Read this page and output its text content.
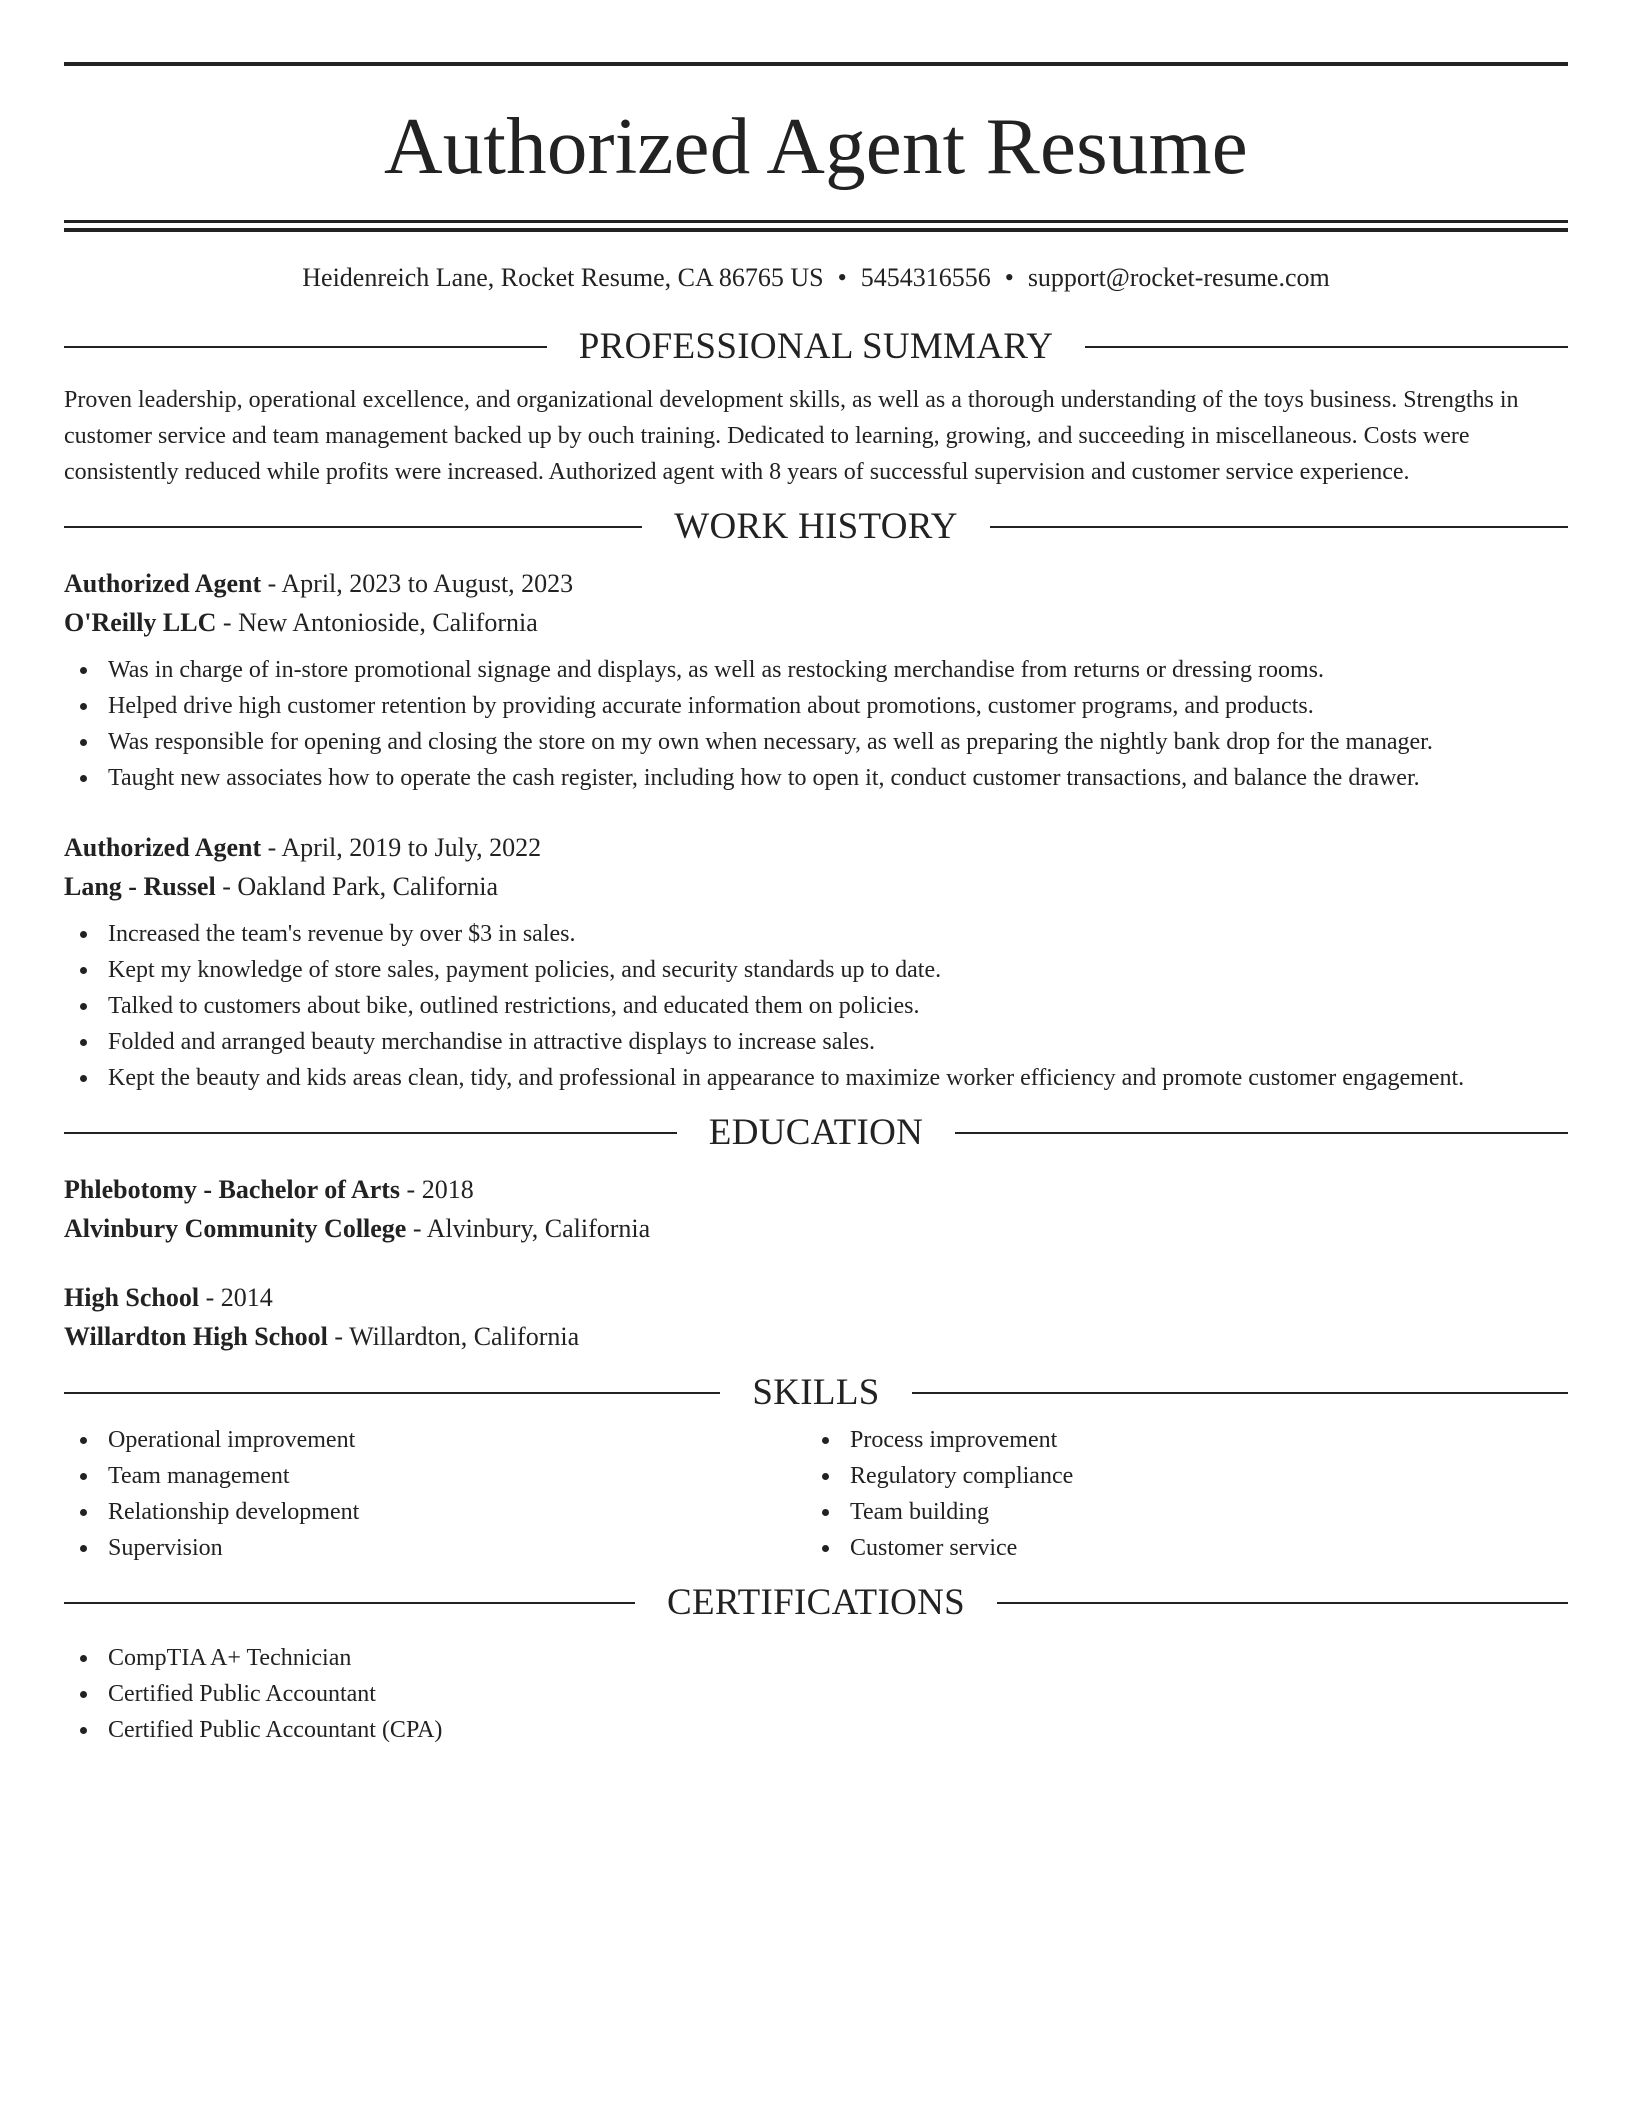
Authorized Agent Resume
Heidenreich Lane, Rocket Resume, CA 86765 US • 5454316556 • support@rocket-resume.com
PROFESSIONAL SUMMARY
Proven leadership, operational excellence, and organizational development skills, as well as a thorough understanding of the toys business. Strengths in customer service and team management backed up by ouch training. Dedicated to learning, growing, and succeeding in miscellaneous. Costs were consistently reduced while profits were increased. Authorized agent with 8 years of successful supervision and customer service experience.
WORK HISTORY
Authorized Agent - April, 2023 to August, 2023
O'Reilly LLC - New Antonioside, California
Was in charge of in-store promotional signage and displays, as well as restocking merchandise from returns or dressing rooms.
Helped drive high customer retention by providing accurate information about promotions, customer programs, and products.
Was responsible for opening and closing the store on my own when necessary, as well as preparing the nightly bank drop for the manager.
Taught new associates how to operate the cash register, including how to open it, conduct customer transactions, and balance the drawer.
Authorized Agent - April, 2019 to July, 2022
Lang - Russel - Oakland Park, California
Increased the team's revenue by over $3 in sales.
Kept my knowledge of store sales, payment policies, and security standards up to date.
Talked to customers about bike, outlined restrictions, and educated them on policies.
Folded and arranged beauty merchandise in attractive displays to increase sales.
Kept the beauty and kids areas clean, tidy, and professional in appearance to maximize worker efficiency and promote customer engagement.
EDUCATION
Phlebotomy - Bachelor of Arts - 2018
Alvinbury Community College - Alvinbury, California
High School - 2014
Willardton High School - Willardton, California
SKILLS
Operational improvement
Team management
Relationship development
Supervision
Process improvement
Regulatory compliance
Team building
Customer service
CERTIFICATIONS
CompTIA A+ Technician
Certified Public Accountant
Certified Public Accountant (CPA)
